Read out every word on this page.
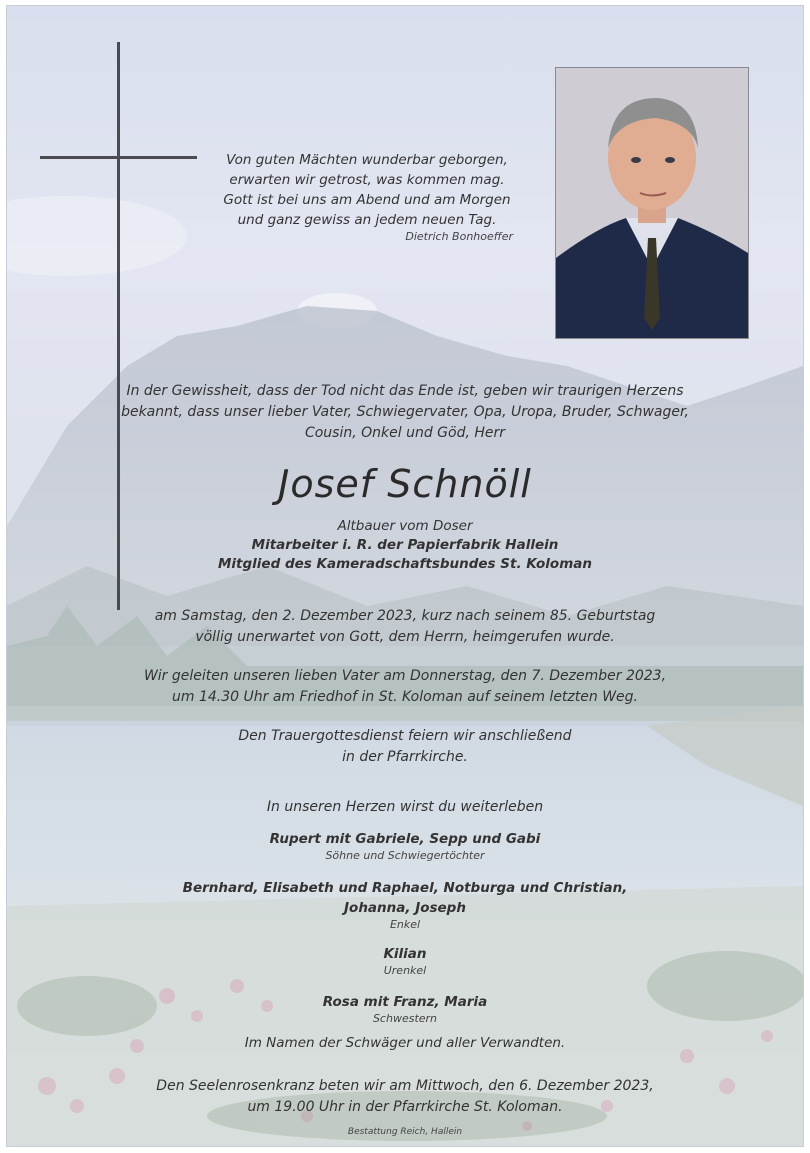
Von guten Mächten wunderbar geborgen,
erwarten wir getrost, was kommen mag.
Gott ist bei uns am Abend und am Morgen
und ganz gewiss an jedem neuen Tag.
Dietrich Bonhoeffer
In der Gewissheit, dass der Tod nicht das Ende ist, geben wir traurigen Herzens
bekannt, dass unser lieber Vater, Schwiegervater, Opa, Uropa, Bruder, Schwager,
Cousin, Onkel und Göd, Herr
Josef Schnöll
Altbauer vom Doser
Mitarbeiter i. R. der Papierfabrik Hallein
Mitglied des Kameradschaftsbundes St. Koloman
am Samstag, den 2. Dezember 2023, kurz nach seinem 85. Geburtstag
völlig unerwartet von Gott, dem Herrn, heimgerufen wurde.
Wir geleiten unseren lieben Vater am Donnerstag, den 7. Dezember 2023,
um 14.30 Uhr am Friedhof in St. Koloman auf seinem letzten Weg.
Den Trauergottesdienst feiern wir anschließend
in der Pfarrkirche.
In unseren Herzen wirst du weiterleben
Rupert mit Gabriele, Sepp und Gabi
Söhne und Schwiegertöchter
Bernhard, Elisabeth und Raphael, Notburga und Christian,
Johanna, Joseph
Enkel
Kilian
Urenkel
Rosa mit Franz, Maria
Schwestern
Im Namen der Schwäger und aller Verwandten.
Den Seelenrosenkranz beten wir am Mittwoch, den 6. Dezember 2023,
um 19.00 Uhr in der Pfarrkirche St. Koloman.
Bestattung Reich, Hallein
